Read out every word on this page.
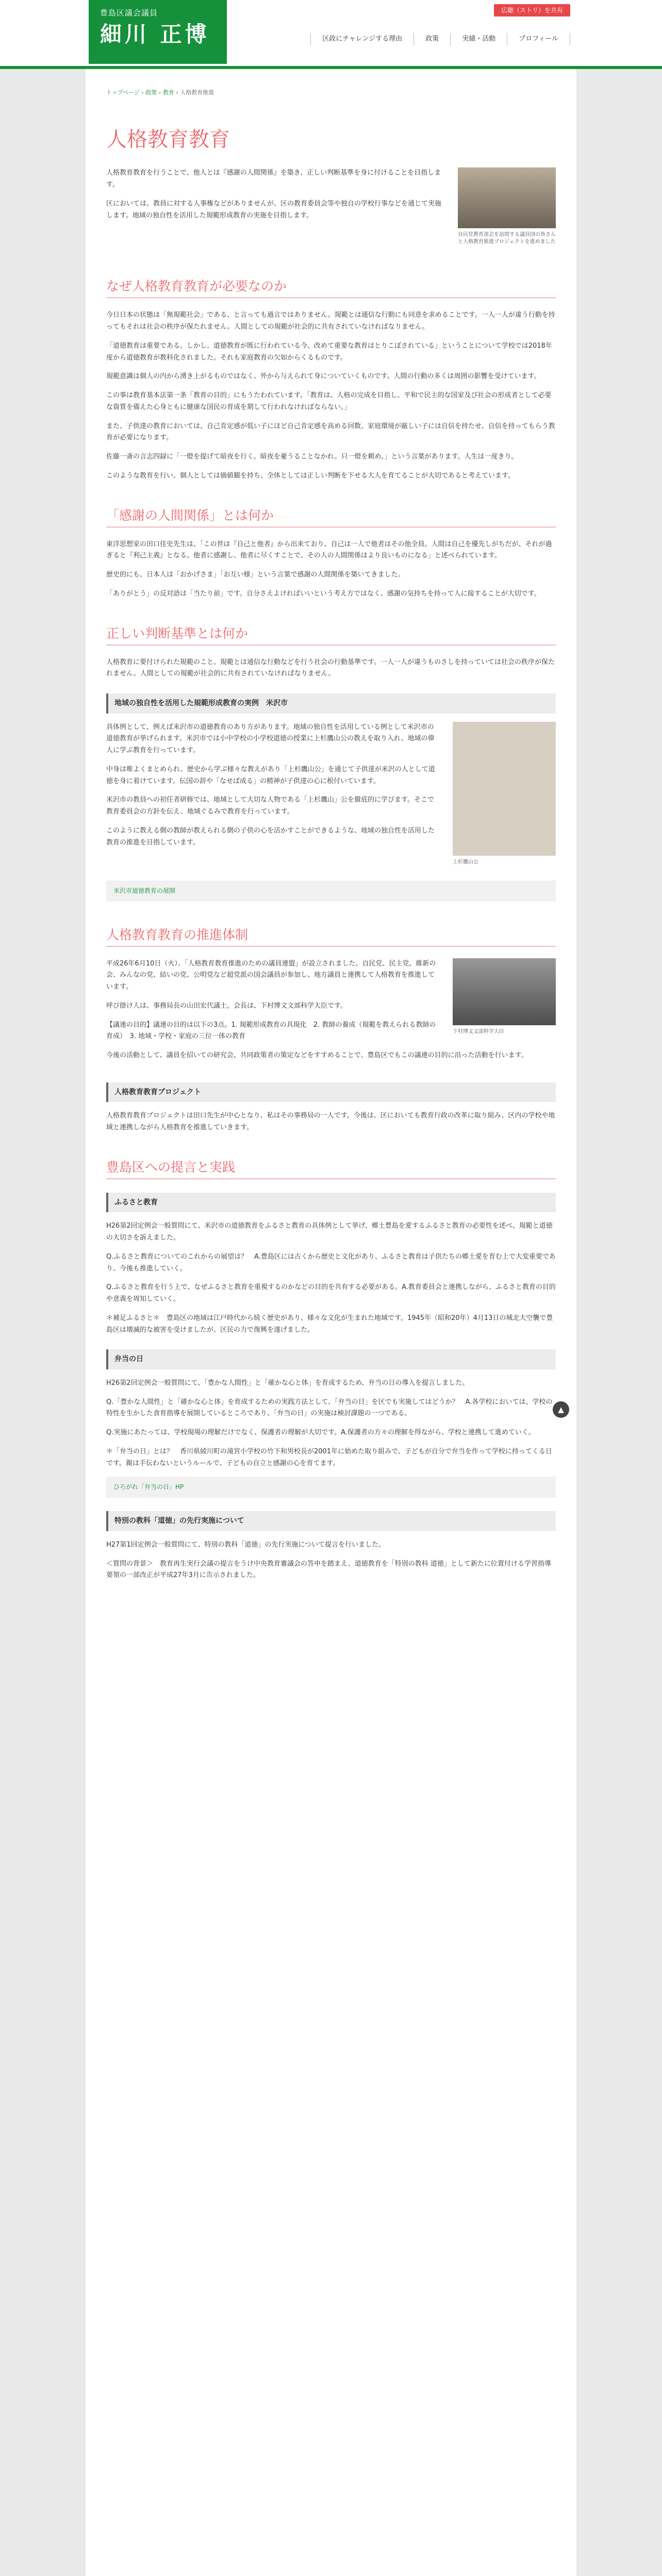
豊島区議会議員
細川 正博
広聴（ストリ）を共有
区政にチャレンジする理由	政策	実績・活動	プロフィール
トップページ › 政策 › 教育 › 人格教育推進
人格教育教育
自民党教育部会を訪問する議員団の皆さんと人格教育推進プロジェクトを進めました

人格教育教育を行うことで、他人とは『感謝の人間関係』を築き、正しい判断基準を身に付けることを目指します。

区においては、教員に対する人事権などがありませんが、区の教育委員会等や独自の学校行事などを通じて実施します。地域の独自性を活用した規範形成教育の実施を目指します。

なぜ人格教育教育が必要なのか

今日日本の状態は「無規範社会」である、と言っても過言ではありません。規範とは通信な行動にも同意を求めることです。一人一人が違う行動を持ってもそれは社会の秩序が保たれません。人間としての規範が社会的に共有されていなければなりません。

「道徳教育は重要である。しかし、道徳教育が既に行われている今、改めて重要な教育はとりこぼされている」ということについて学校では2018年度から道徳教育が教科化されました。それも家庭教育の欠如からくるものです。

規範意識は個人の内から湧き上がるものではなく、外から与えられて身についていくものです。人間の行動の多くは周囲の影響を受けています。

この事は教育基本法第一条「教育の目的」にもうたわれています。「教育は、人格の完成を目指し、平和で民主的な国家及び社会の形成者として必要な資質を備えた心身ともに健康な国民の育成を期して行われなければならない。」

また、子供達の教育においては、自己肯定感が低い子にほど自己肯定感を高める回数、家庭環境が厳しい子には自信を持たせ、自信を持ってもらう教育が必要になります。

佐藤一斎の言志四録に「一燈を提げて暗夜を行く。暗夜を憂うることなかれ。只一燈を頼め。」という言葉があります。人生は一度きり。

このような教育を行い、個人としては価値観を持ち、全体としては正しい判断を下せる大人を育てることが大切であると考えています。

「感謝の人間関係」とは何か

東洋思想家の田口佳史先生は、「この世は『自己と他者』から出来ており、自己は一人で他者はその他全員。人間は自己を優先しがちだが、それが過ぎると『利己主義』となる。他者に感謝し、他者に尽くすことで、その人の人間関係はより良いものになる」と述べられています。

歴史的にも、日本人は「おかげさま」「お互い様」という言葉で感謝の人間関係を築いてきました。

「ありがとう」の反対語は「当たり前」です。自分さえよければいいという考え方ではなく、感謝の気持ちを持って人に接することが大切です。

正しい判断基準とは何か

人格教育に要付けられた規範のこと。規範とは通信な行動などを行う社会の行動基準です。一人一人が違うものさしを持っていては社会の秩序が保たれません。人間としての規範が社会的に共有されていなければなりません。

地域の独自性を活用した規範形成教育の実例　米沢市
上杉鷹山公

具体例として、例えば米沢市の道徳教育のあり方があります。地域の独自性を活用している例として米沢市の道徳教育が挙げられます。米沢市では小中学校の小学校道徳の授業に上杉鷹山公の教えを取り入れ、地域の偉人に学ぶ教育を行っています。

中身は唯よくまとめられ、歴史から学ぶ様々な教えがあり「上杉鷹山公」を通じて子供達が米沢の人として道徳を身に着けています。伝国の辞や「なせば成る」の精神が子供達の心に根付いています。

米沢市の教員への初任者研修では、地域として大切な人物である「上杉鷹山」公を徹底的に学びます。そこで教育委員会の方針を伝え、地域ぐるみで教育を行っています。

このように教える側の教師が教えられる側の子供の心を活かすことができるような、地域の独自性を活用した教育の推進を目指しています。

米沢市道徳教育の展開
人格教育教育の推進体制
下村博文文部科学大臣

平成26年6月10日（火）、「人格教育教育推進のための議員連盟」が設立されました。自民党、民主党、維新の会、みんなの党、結いの党、公明党など超党派の国会議員が参加し、地方議員と連携して人格教育を推進しています。

呼び掛け人は、事務局長の山田宏代議士。会長は、下村博文文部科学大臣です。

【議連の目的】議連の目的は以下の3点。1. 規範形成教育の具現化　2. 教師の養成（規範を教えられる教師の育成）　3. 地域・学校・家庭の三位一体の教育

今後の活動として、議員を招いての研究会、共同政策者の策定などをすすめることで、豊島区でもこの議連の目的に沿った活動を行います。

人格教育教育プロジェクト

人格教育教育プロジェクトは田口先生が中心となり、私はその事務局の一人です。今後は、区においても教育行政の改革に取り組み、区内の学校や地域と連携しながら人格教育を推進していきます。

豊島区への提言と実践
ふるさと教育

H26第2回定例会一般質問にて、米沢市の道徳教育をふるさと教育の具体例として挙げ、郷土豊島を愛するふるさと教育の必要性を述べ、規範と道徳の大切さを訴えました。

Q.ふるさと教育についてのこれからの展望は？　A.豊島区には古くから歴史と文化があり、ふるさと教育は子供たちの郷土愛を育む上で大変重要であり、今後も推進していく。

Q.ふるさと教育を行う上で、なぜふるさと教育を重視するのかなどの目的を共有する必要がある。A.教育委員会と連携しながら、ふるさと教育の目的や意義を周知していく。

＊補足ふるさと＊　豊島区の地域は江戸時代から続く歴史があり、様々な文化が生まれた地域です。1945年（昭和20年）4月13日の城北大空襲で豊島区は壊滅的な被害を受けましたが、区民の力で復興を遂げました。

弁当の日

H26第2回定例会一般質問にて、「豊かな人間性」と「確かな心と体」を育成するため、弁当の日の導入を提言しました。

Q.「豊かな人間性」と「確かな心と体」を育成するための実践方法として、「弁当の日」を区でも実施してはどうか？　A.各学校においては、学校の特性を生かした食育指導を展開しているところであり、「弁当の日」の実施は検討課題の一つである。

Q.実施にあたっては、学校現場の理解だけでなく、保護者の理解が大切です。A.保護者の方々の理解を得ながら、学校と連携して進めていく。

＊「弁当の日」とは？　香川県綾川町の滝宮小学校の竹下和男校長が2001年に始めた取り組みで、子どもが自分で弁当を作って学校に持ってくる日です。親は手伝わないというルールで、子どもの自立と感謝の心を育てます。

ひろがれ「弁当の日」HP
特別の教科「道徳」の先行実施について

H27第1回定例会一般質問にて、特別の教科「道徳」の先行実施について提言を行いました。

＜質問の背景＞　教育再生実行会議の提言をうけ中央教育審議会の答申を踏まえ、道徳教育を「特別の教科 道徳」として新たに位置付ける学習指導要領の一部改正が平成27年3月に告示されました。

▲
